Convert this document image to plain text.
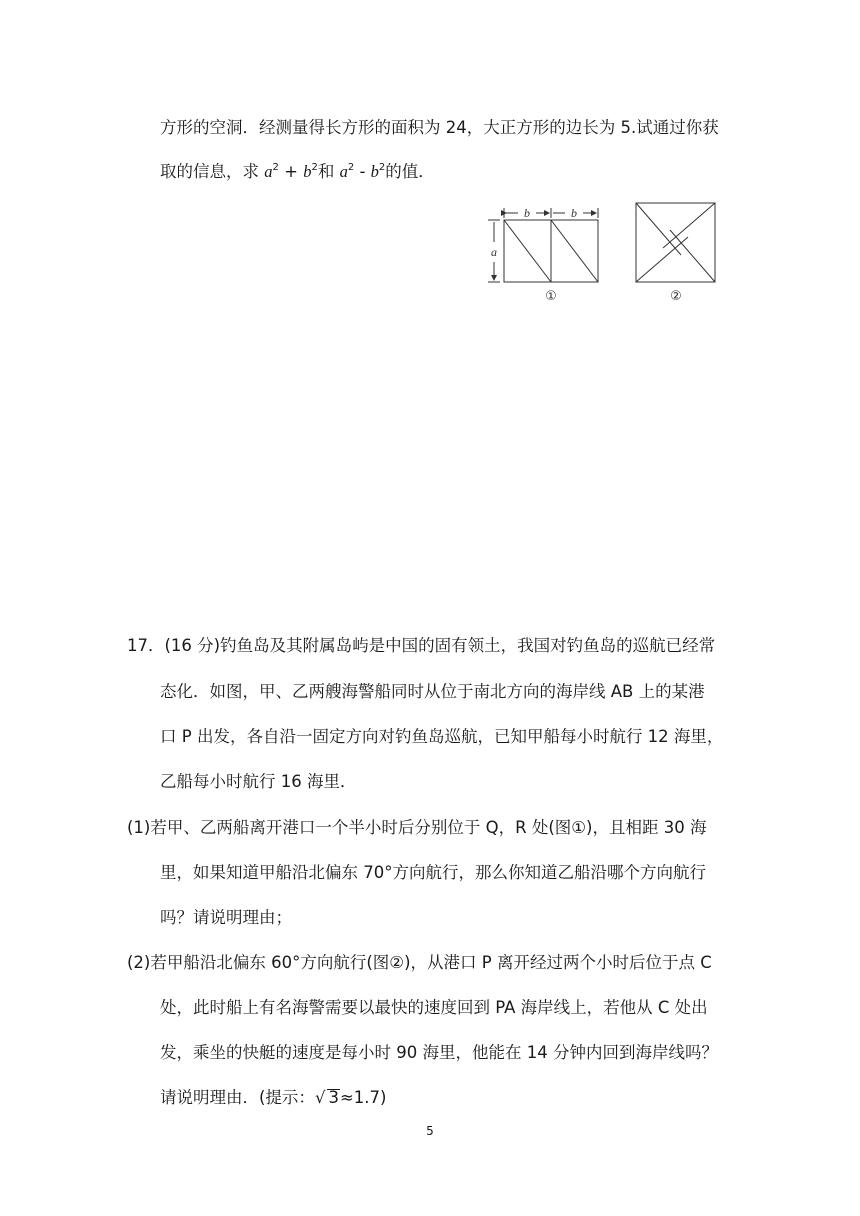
方形的空洞．经测量得长方形的面积为 24，大正方形的边长为 5.试通过你获
取的信息，求 $a^2 + b^2$和 $a^2 - b^2$的值．
b	b
a
①	②
17．(16 分)钓鱼岛及其附属岛屿是中国的固有领土，我国对钓鱼岛的巡航已经常
态化．如图，甲、乙两艘海警船同时从位于南北方向的海岸线 AB 上的某港
口 P 出发，各自沿一固定方向对钓鱼岛巡航，已知甲船每小时航行 12 海里，
乙船每小时航行 16 海里．
(1)若甲、乙两船离开港口一个半小时后分别位于 Q，R 处(图①)，且相距 30 海
里，如果知道甲船沿北偏东 70°方向航行，那么你知道乙船沿哪个方向航行
吗？请说明理由；
(2)若甲船沿北偏东 60°方向航行(图②)，从港口 P 离开经过两个小时后位于点 C
处，此时船上有名海警需要以最快的速度回到 PA 海岸线上，若他从 C 处出
发，乘坐的快艇的速度是每小时 90 海里，他能在 14 分钟内回到海岸线吗？
请说明理由．(提示：√ 3≈1.7)
5
